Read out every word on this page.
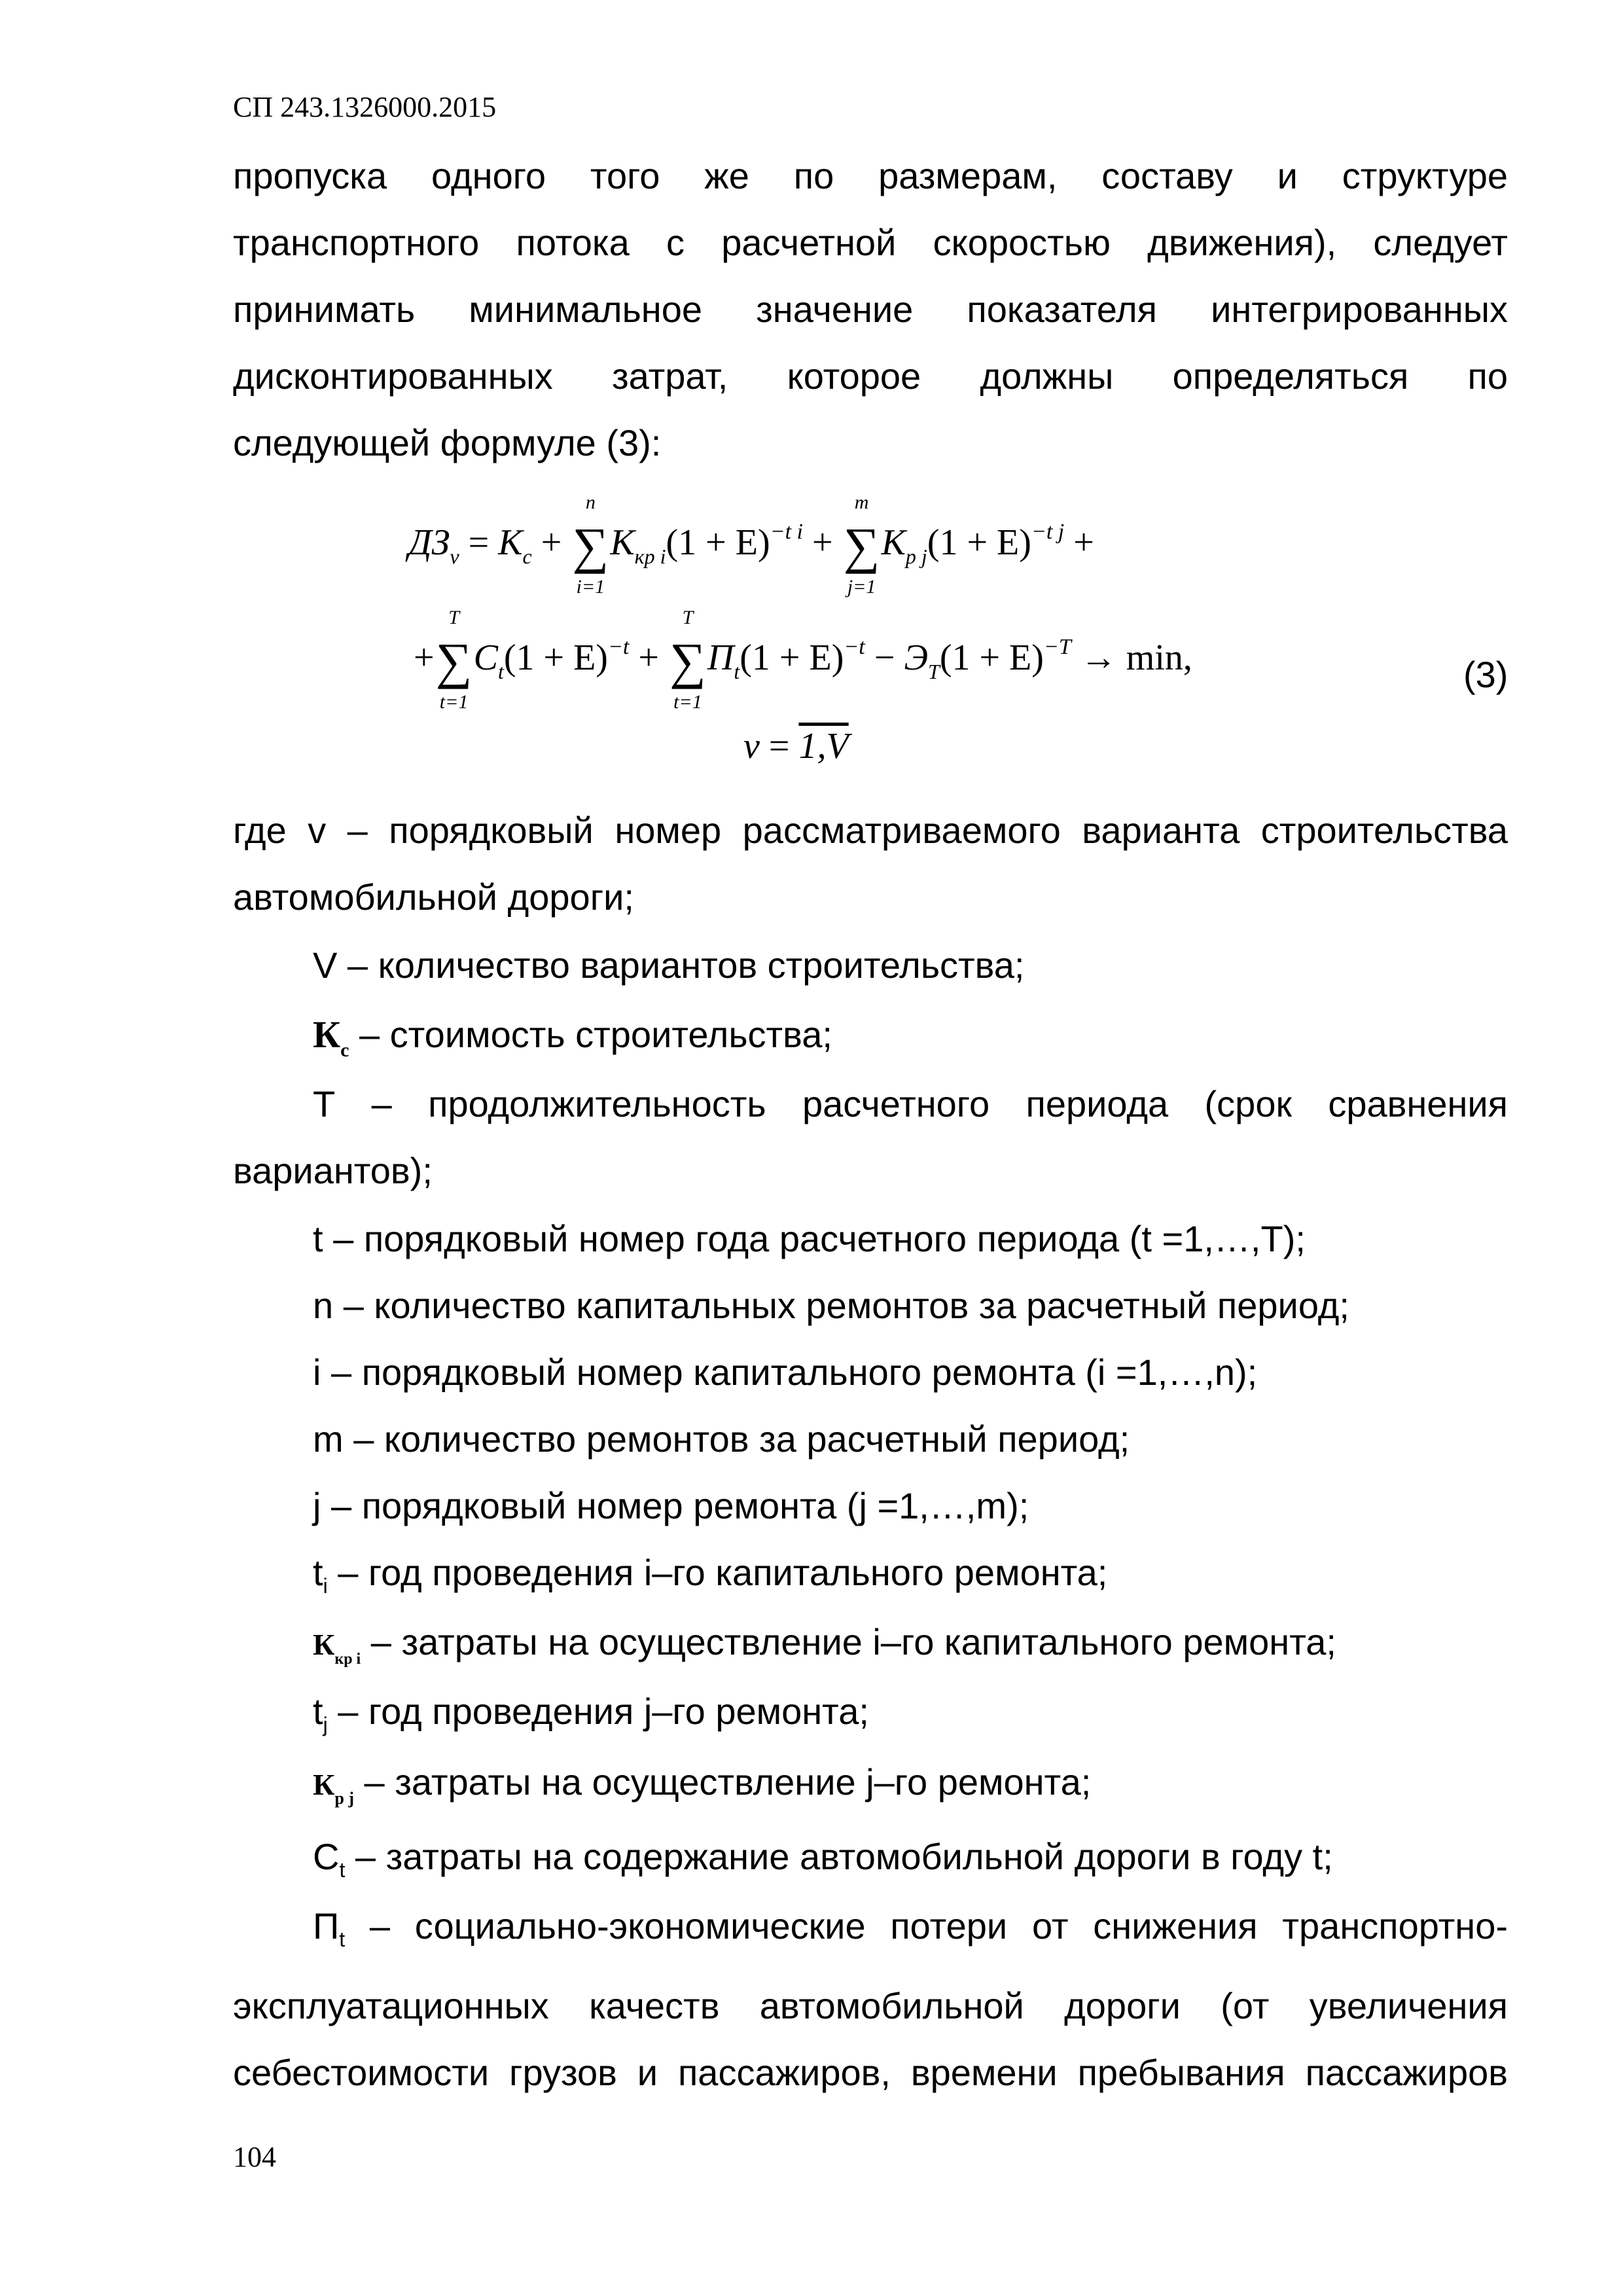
СП 243.1326000.2015
пропуска одного того же по размерам, составу и структуре
транспортного потока с расчетной скоростью движения), следует
принимать минимальное значение показателя интегрированных
дисконтированных затрат, которое должны определяться по
следующей формуле (3):
$ДЗ_v = K_c$ +
n
∑
i=1
$K_{кр i}(1 + E)^{-t i}$ +
m
∑
j=1
$K_{p j}(1 + E)^{-t j}$ +
+
T
∑
t=1
$C_t(1 + E)^{-t}$ +
T
∑
t=1
$П_t(1 + E)^{-t} - Э_T(1 + E)^{-T} \to \min$,
v = 1,V
(3)
где v – порядковый номер рассматриваемого варианта строительства
автомобильной дороги;
V – количество вариантов строительства;
$К_с$ – стоимость строительства;
Т – продолжительность расчетного периода (срок сравнения
вариантов);
t – порядковый номер года расчетного периода (t =1,…,T);
n – количество капитальных ремонтов за расчетный период;
i – порядковый номер капитального ремонта (i =1,…,n);
m – количество ремонтов за расчетный период;
j – порядковый номер ремонта (j =1,…,m);
$t_i$ – год проведения i–го капитального ремонта;
$К_{кр i}$ – затраты на осуществление i–го капитального ремонта;
$t_j$ – год проведения j–го ремонта;
$К_{р j}$ – затраты на осуществление j–го ремонта;
$С_t$ – затраты на содержание автомобильной дороги в году t;
$П_t$ – социально-экономические потери от снижения транспортно-
эксплуатационных качеств автомобильной дороги (от увеличения
себестоимости грузов и пассажиров, времени пребывания пассажиров
104
